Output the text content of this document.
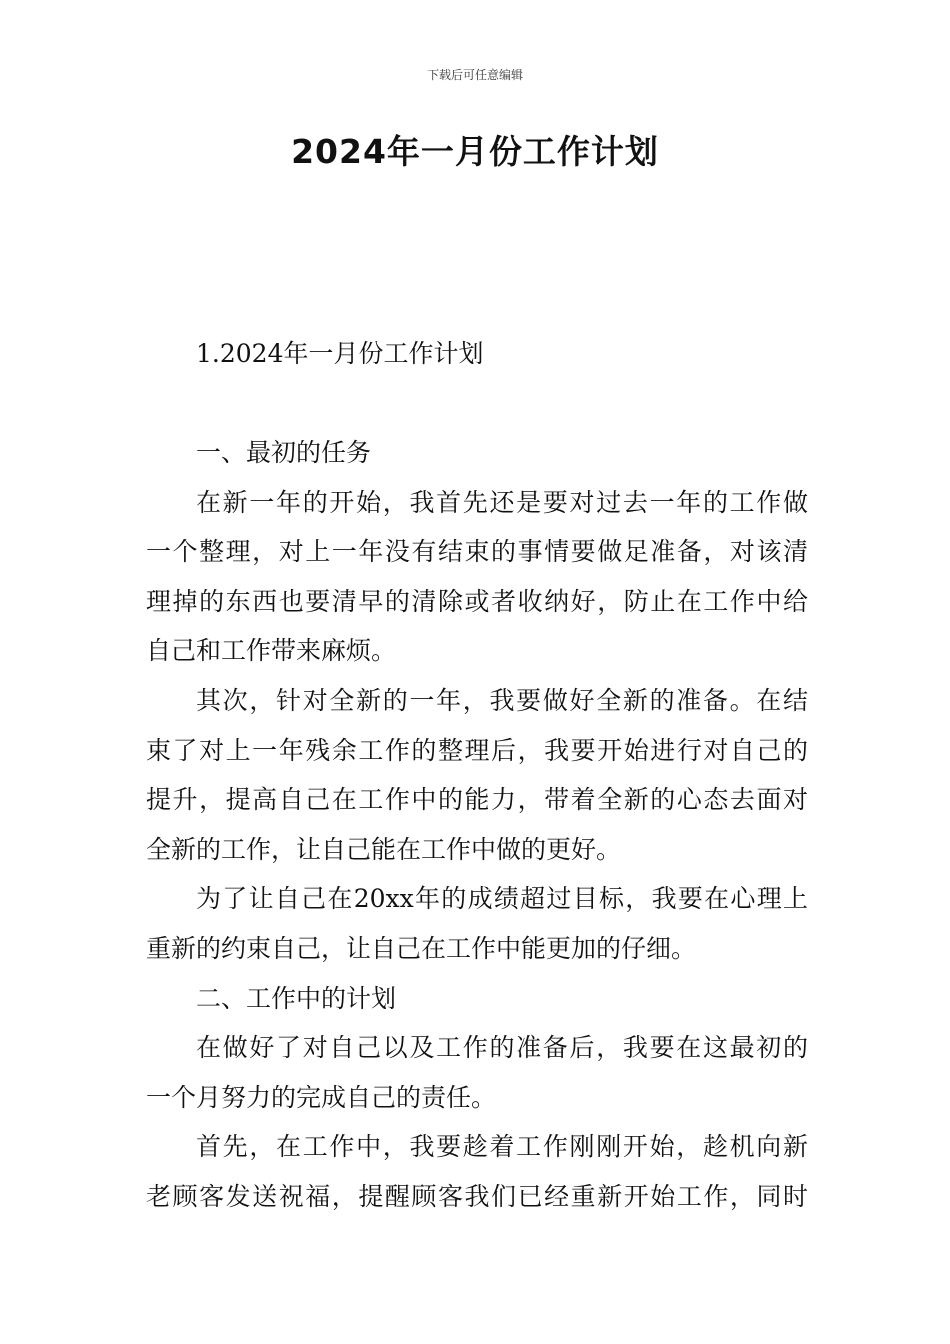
下载后可任意编辑
2024年一月份工作计划
1.2024年一月份工作计划
一、最初的任务
在新一年的开始，我首先还是要对过去一年的工作做
一个整理，对上一年没有结束的事情要做足准备，对该清
理掉的东西也要清早的清除或者收纳好，防止在工作中给
自己和工作带来麻烦。
其次，针对全新的一年，我要做好全新的准备。在结
束了对上一年残余工作的整理后，我要开始进行对自己的
提升，提高自己在工作中的能力，带着全新的心态去面对
全新的工作，让自己能在工作中做的更好。
为了让自己在20xx年的成绩超过目标，我要在心理上
重新的约束自己，让自己在工作中能更加的仔细。
二、工作中的计划
在做好了对自己以及工作的准备后，我要在这最初的
一个月努力的完成自己的责任。
首先，在工作中，我要趁着工作刚刚开始，趁机向新
老顾客发送祝福，提醒顾客我们已经重新开始工作，同时
